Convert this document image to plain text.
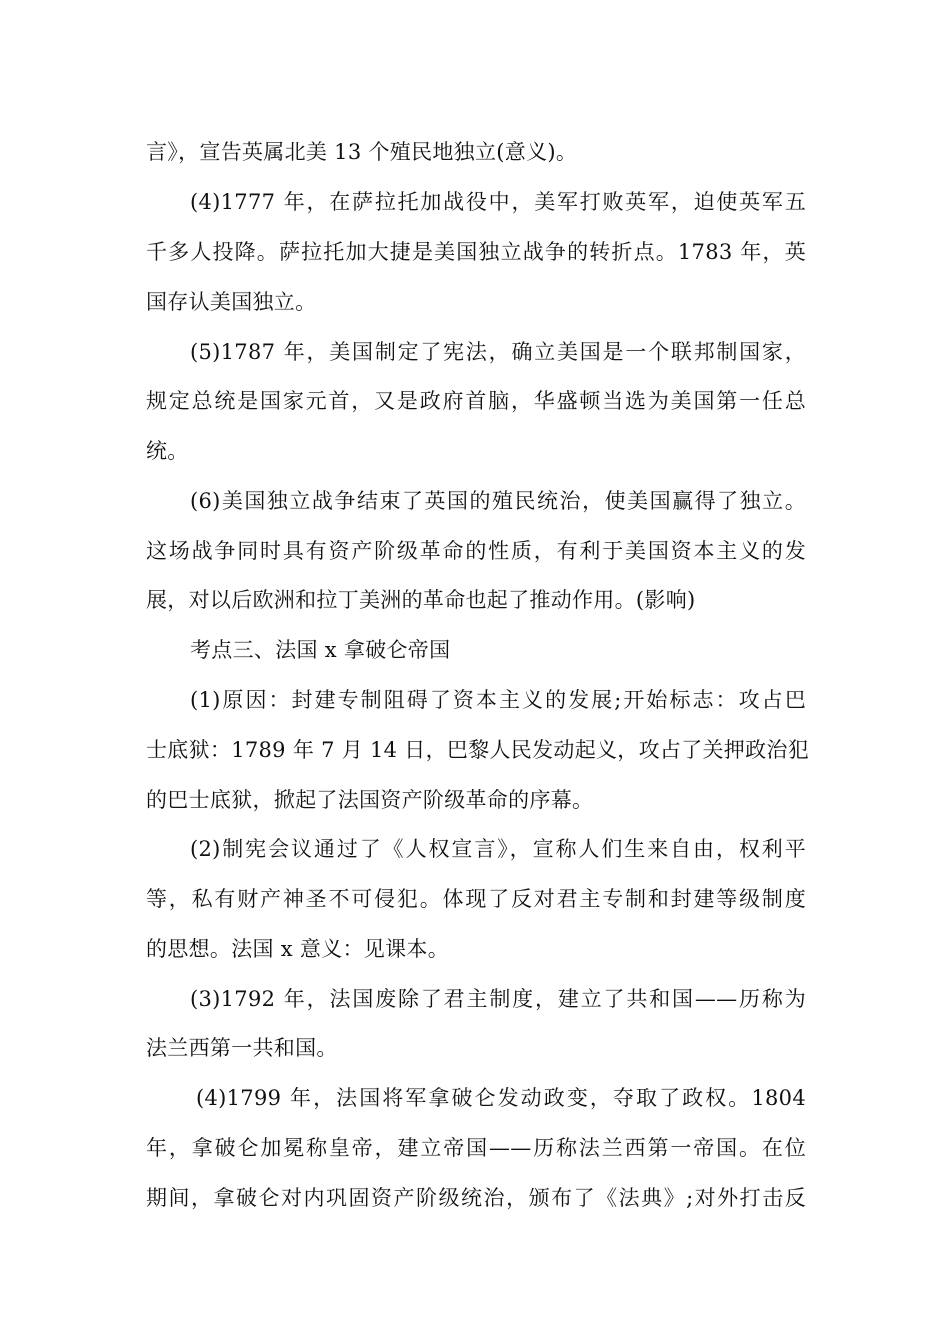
言》，宣告英属北美 13 个殖民地独立(意义)。
(4)1777 年，在萨拉托加战役中，美军打败英军，迫使英军五
千多人投降。萨拉托加大捷是美国独立战争的转折点。1783 年，英
国存认美国独立。
(5)1787 年，美国制定了宪法，确立美国是一个联邦制国家，
规定总统是国家元首，又是政府首脑，华盛顿当选为美国第一任总
统。
(6)美国独立战争结束了英国的殖民统治，使美国赢得了独立。
这场战争同时具有资产阶级革命的性质，有利于美国资本主义的发
展，对以后欧洲和拉丁美洲的革命也起了推动作用。(影响)
考点三、法国 x 拿破仑帝国
(1)原因：封建专制阻碍了资本主义的发展;开始标志：攻占巴
士底狱：1789 年 7 月 14 日，巴黎人民发动起义，攻占了关押政治犯
的巴士底狱，掀起了法国资产阶级革命的序幕。
(2)制宪会议通过了《人权宣言》，宣称人们生来自由，权利平
等，私有财产神圣不可侵犯。体现了反对君主专制和封建等级制度
的思想。法国 x 意义：见课本。
(3)1792 年，法国废除了君主制度，建立了共和国——历称为
法兰西第一共和国。
(4)1799 年，法国将军拿破仑发动政变，夺取了政权。1804
年，拿破仑加冕称皇帝，建立帝国——历称法兰西第一帝国。在位
期间，拿破仑对内巩固资产阶级统治，颁布了《法典》;对外打击反
